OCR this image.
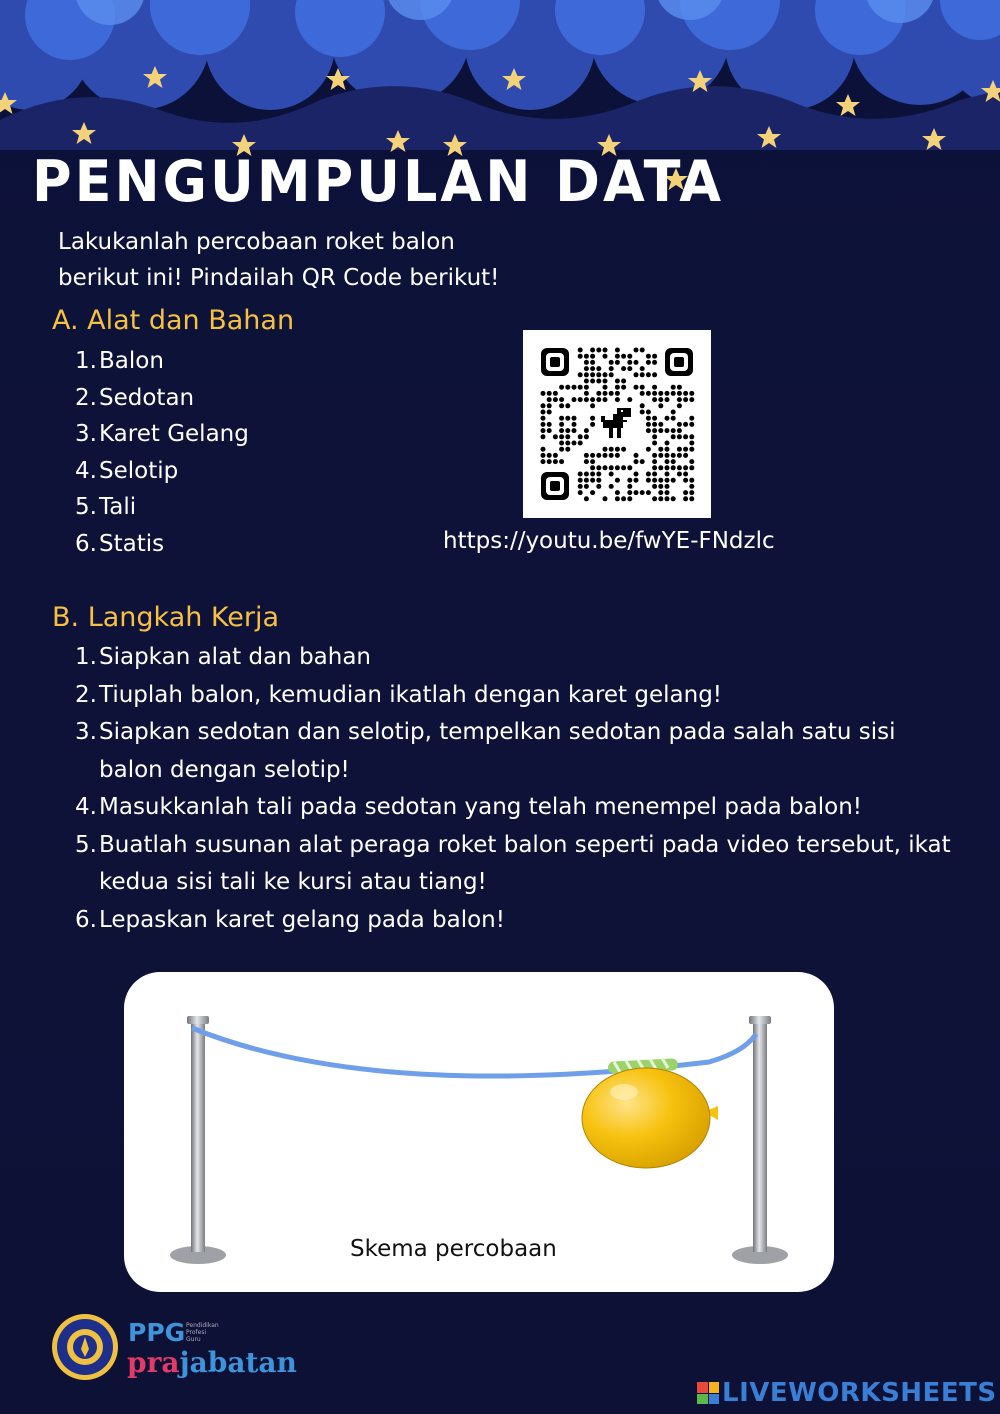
PENGUMPULAN DATA
Lakukanlah percobaan roket balon
berikut ini! Pindailah QR Code berikut!
A. Alat dan Bahan
1. Balon
2. Sedotan
3. Karet Gelang
4. Selotip
5. Tali
6. Statis	https://youtu.be/fwYE-FNdzlc
B. Langkah Kerja
1. Siapkan alat dan bahan
2. Tiuplah balon, kemudian ikatlah dengan karet gelang!
3. Siapkan sedotan dan selotip, tempelkan sedotan pada salah satu sisi balon dengan selotip!
4. Masukkanlah tali pada sedotan yang telah menempel pada balon!
5. Buatlah susunan alat peraga roket balon seperti pada video tersebut, ikat kedua sisi tali ke kursi atau tiang!
6. Lepaskan karet gelang pada balon!
Skema percobaan
PPG Pendidikan
Profesi
Guru
prajabatan
LIVEWORKSHEETS
